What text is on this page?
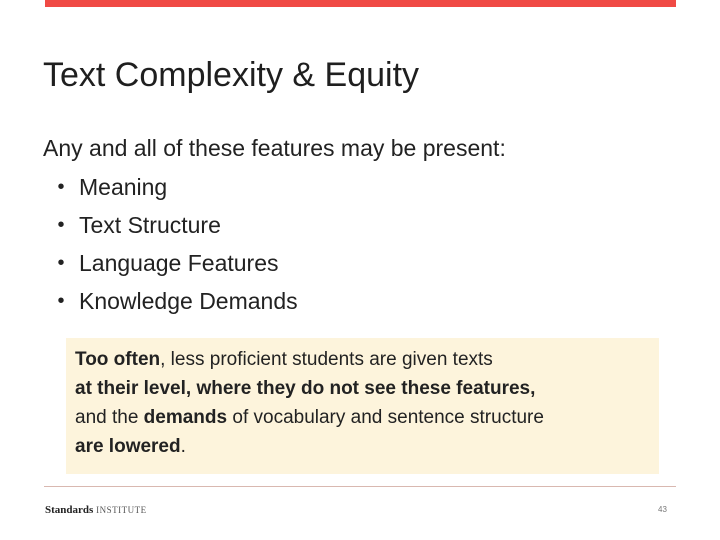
Text Complexity & Equity
Any and all of these features may be present:
• Meaning
• Text Structure
• Language Features
• Knowledge Demands
Too often, less proficient students are given texts
at their level, where they do not see these features,
and the demands of vocabulary and sentence structure
are lowered.
Standards INSTITUTE	43
